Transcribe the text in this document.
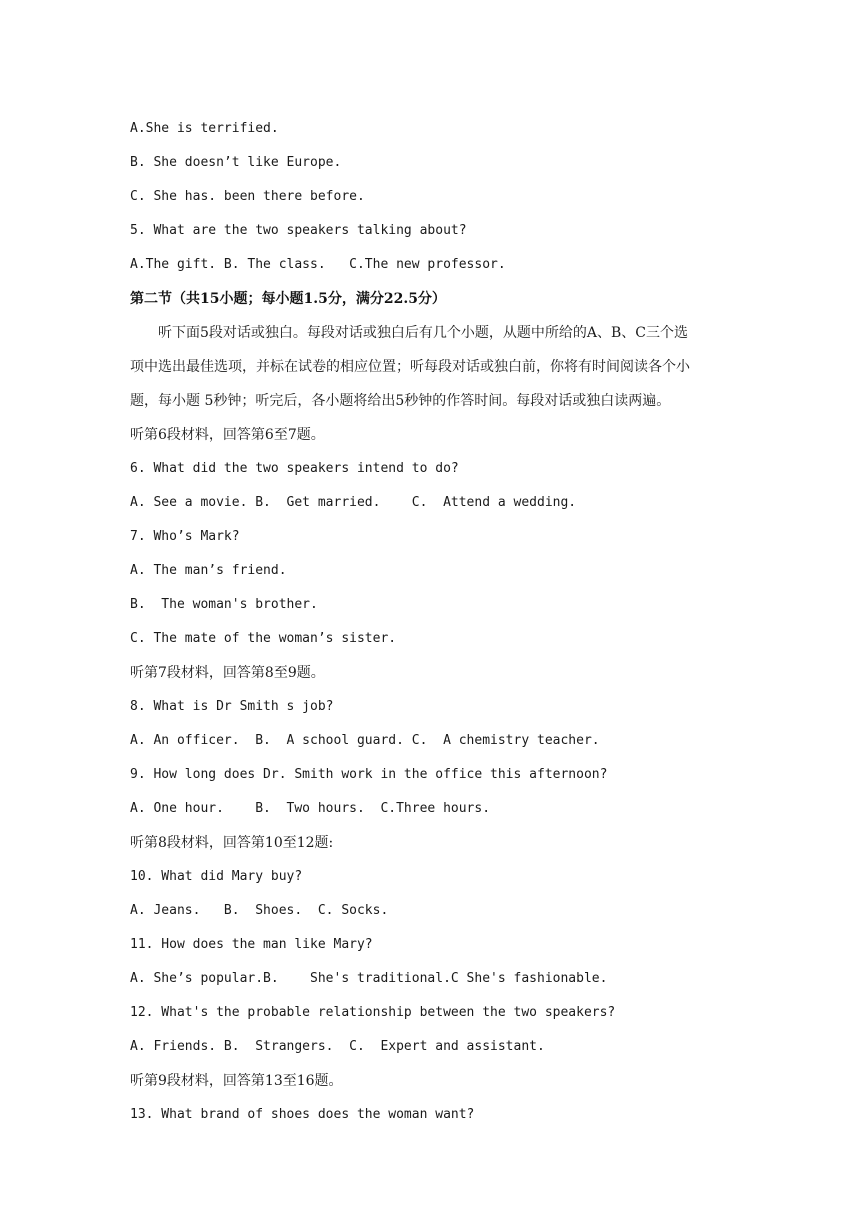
A.She is terrified.
B. She doesn’t like Europe.
C. She has. been there before.
5. What are the two speakers talking about?
A.The gift. B. The class.   C.The new professor.
第二节（共15小题；每小题1.5分，满分22.5分）
听下面5段对话或独白。每段对话或独白后有几个小题，从题中所给的A、B、C三个选
项中选出最佳选项，并标在试卷的相应位置；听每段对话或独白前，你将有时间阅读各个小
题，每小题 5秒钟；听完后，各小题将给出5秒钟的作答时间。每段对话或独白读两遍。
听第6段材料，回答第6至7题。
6. What did the two speakers intend to do?
A. See a movie. B.  Get married.    C.  Attend a wedding.
7. Who’s Mark?
A. The man’s friend.
B.  The woman's brother.
C. The mate of the woman’s sister.
听第7段材料，回答第8至9题。
8. What is Dr Smith s job?
A. An officer.  B.  A school guard. C.  A chemistry teacher.
9. How long does Dr. Smith work in the office this afternoon?
A. One hour.    B.  Two hours.  C.Three hours.
听第8段材料，回答第10至12题:
10. What did Mary buy?
A. Jeans.   B.  Shoes.  C. Socks.
11. How does the man like Mary?
A. She’s popular.B.    She's traditional.C She's fashionable.
12. What's the probable relationship between the two speakers?
A. Friends. B.  Strangers.  C.  Expert and assistant.
听第9段材料，回答第13至16题。
13. What brand of shoes does the woman want?
